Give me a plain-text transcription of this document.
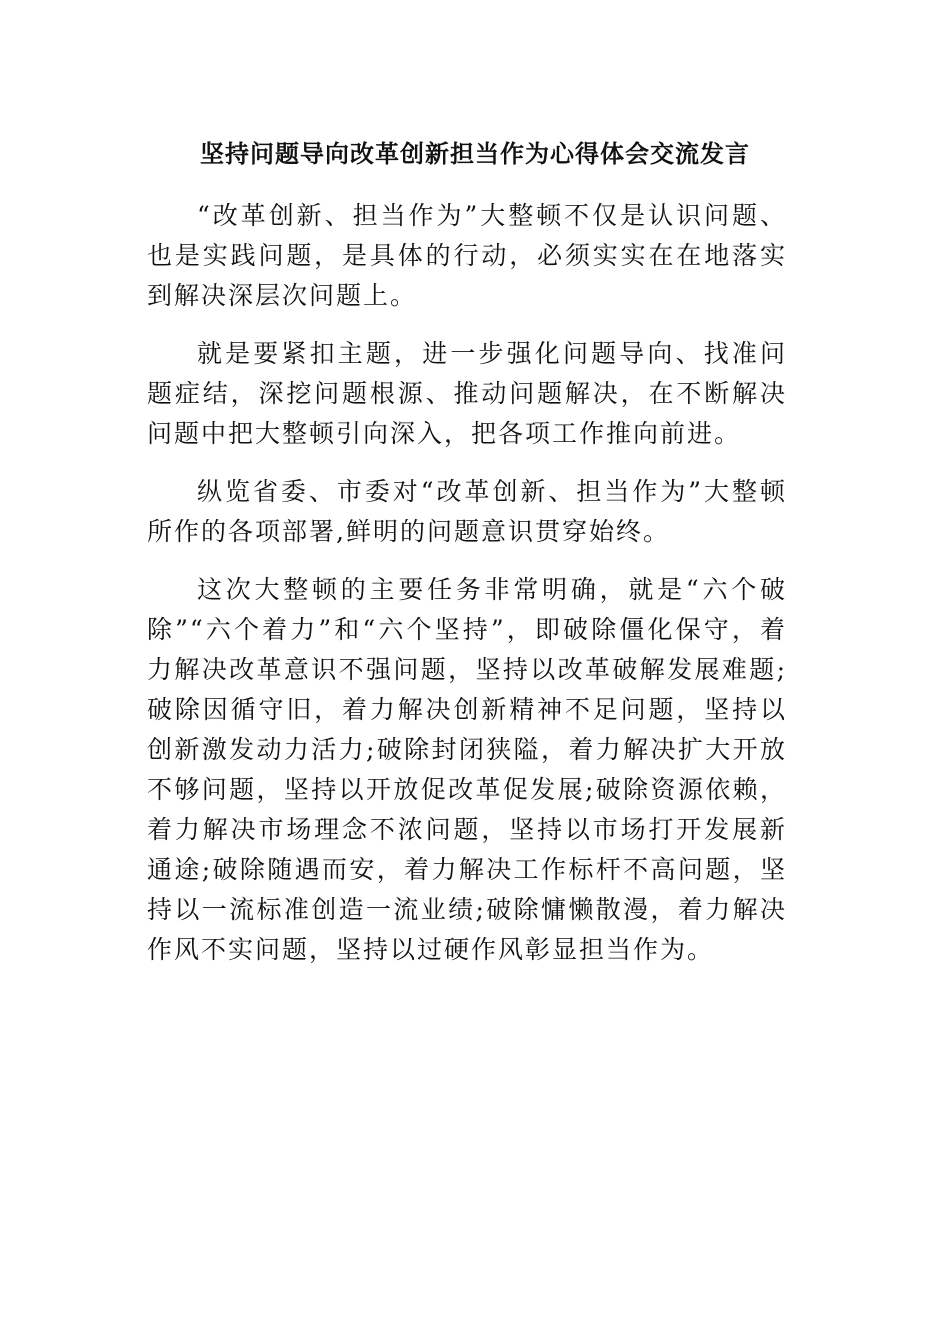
坚持问题导向改革创新担当作为心得体会交流发言

“改革创新、担当作为”大整顿不仅是认识问题、也是实践问题，是具体的行动，必须实实在在地落实到解决深层次问题上。

就是要紧扣主题，进一步强化问题导向、找准问题症结，深挖问题根源、推动问题解决，在不断解决问题中把大整顿引向深入，把各项工作推向前进。

纵览省委、市委对“改革创新、担当作为”大整顿所作的各项部署,鲜明的问题意识贯穿始终。

这次大整顿的主要任务非常明确，就是“六个破除”“六个着力”和“六个坚持”，即破除僵化保守，着力解决改革意识不强问题，坚持以改革破解发展难题;破除因循守旧，着力解决创新精神不足问题，坚持以创新激发动力活力;破除封闭狭隘，着力解决扩大开放不够问题，坚持以开放促改革促发展;破除资源依赖，着力解决市场理念不浓问题，坚持以市场打开发展新通途;破除随遇而安，着力解决工作标杆不高问题，坚持以一流标准创造一流业绩;破除慵懒散漫，着力解决作风不实问题，坚持以过硬作风彰显担当作为。
